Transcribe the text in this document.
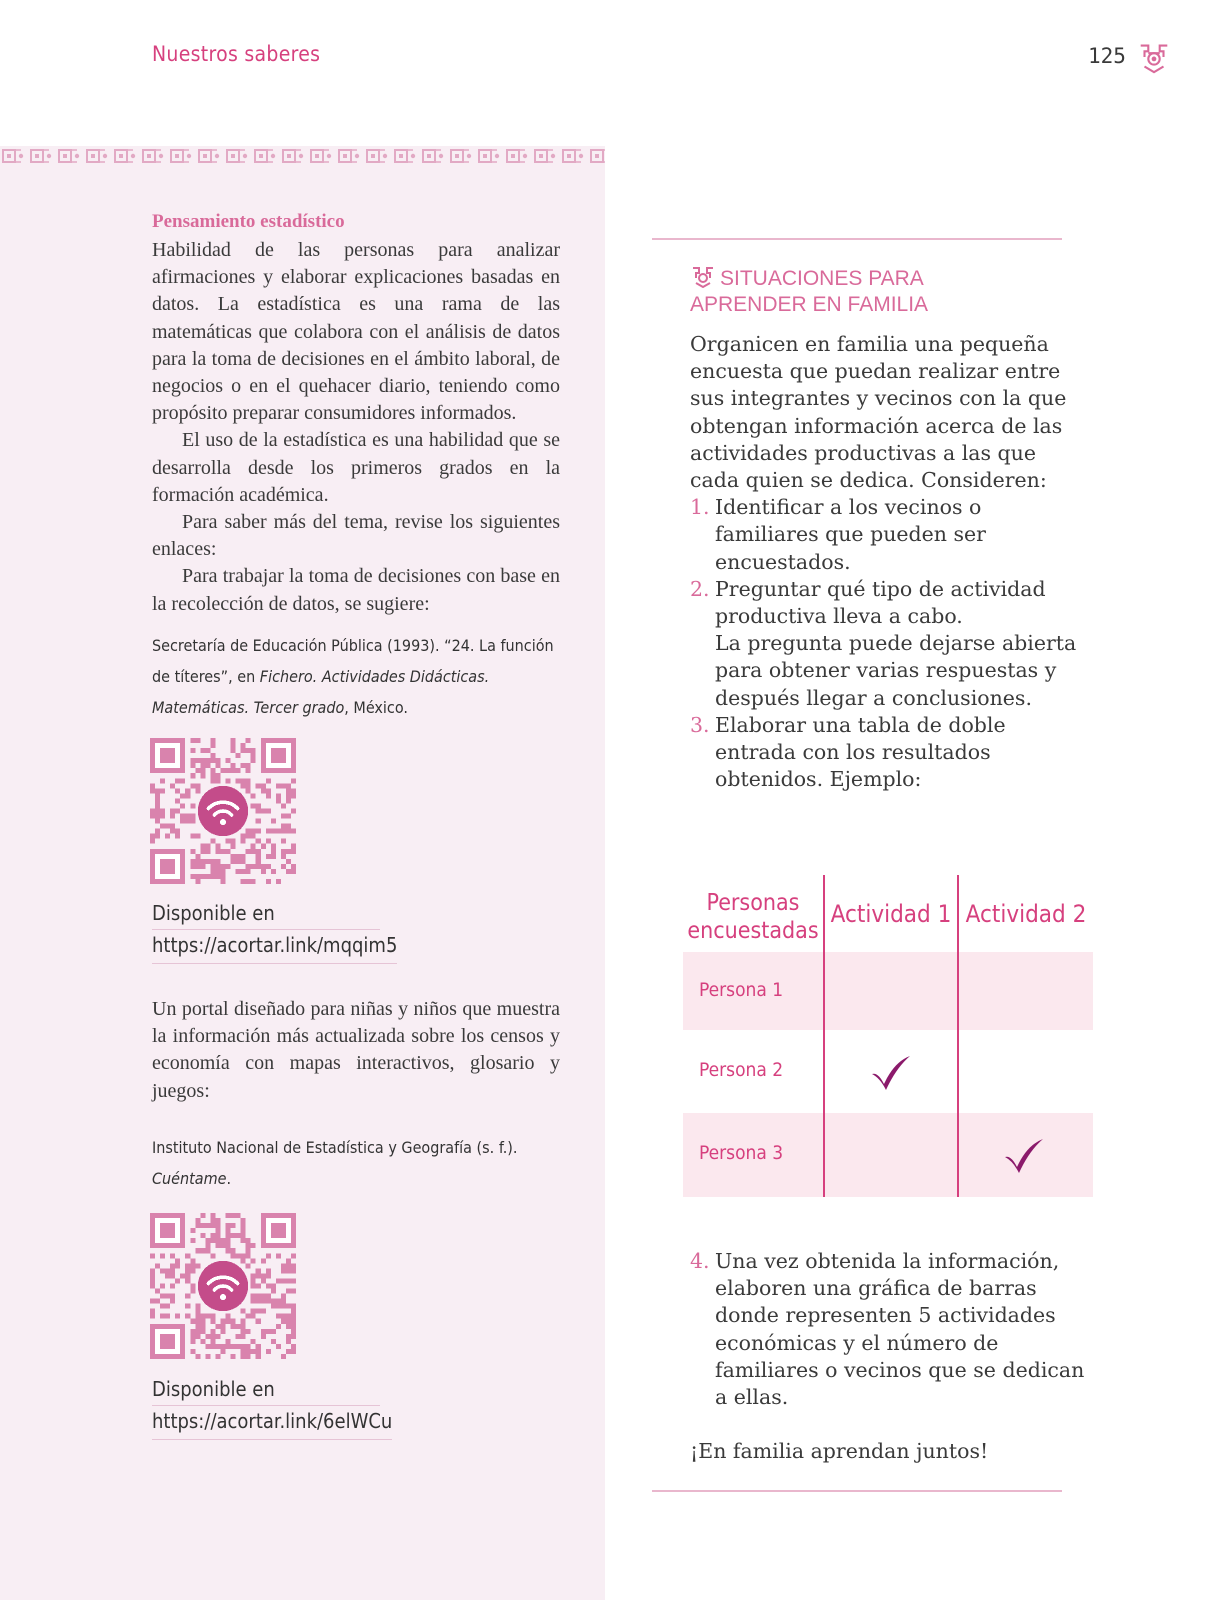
Nuestros saberes	125
Pensamiento estadístico

Habilidad de las personas para analizar afirmaciones y elaborar explicaciones basadas en datos. La estadística es una rama de las matemáticas que colabora con el análisis de datos para la toma de decisiones en el ámbito laboral, de negocios o en el quehacer diario, teniendo como propósito preparar consumidores informados.

El uso de la estadística es una habilidad que se desarrolla desde los primeros grados en la formación académica.

Para saber más del tema, revise los siguientes enlaces:

Para trabajar la toma de decisiones con base en la recolección de datos, se sugiere:

Secretaría de Educación Pública (1993). “24. La función de títeres”, en Fichero. Actividades Didácticas. Matemáticas. Tercer grado, México.
Disponible en
https://acortar.link/mqqim5
Un portal diseñado para niñas y niños que muestra la información más actualizada sobre los censos y economía con mapas interactivos, glosario y juegos:
Instituto Nacional de Estadística y Geografía (s. f.). Cuéntame.
Disponible en
https://acortar.link/6elWCu
SITUACIONES PARA
APRENDER EN FAMILIA

Organicen en familia una pequeña encuesta que puedan realizar entre sus integrantes y vecinos con la que obtengan información acerca de las actividades productivas a las que cada quien se dedica. Consideren:

1. Identificar a los vecinos o familiares que pueden ser encuestados.
2. Preguntar qué tipo de actividad productiva lleva a cabo.
La pregunta puede dejarse abierta para obtener varias respuestas y después llegar a conclusiones.
3. Elaborar una tabla de doble entrada con los resultados obtenidos. Ejemplo:
Personas encuestadas
Actividad 1 Actividad 2
Persona 1
Persona 2
Persona 3
4. Una vez obtenida la información, elaboren una gráfica de barras donde representen 5 actividades económicas y el número de familiares o vecinos que se dedican a ellas.
¡En familia aprendan juntos!
